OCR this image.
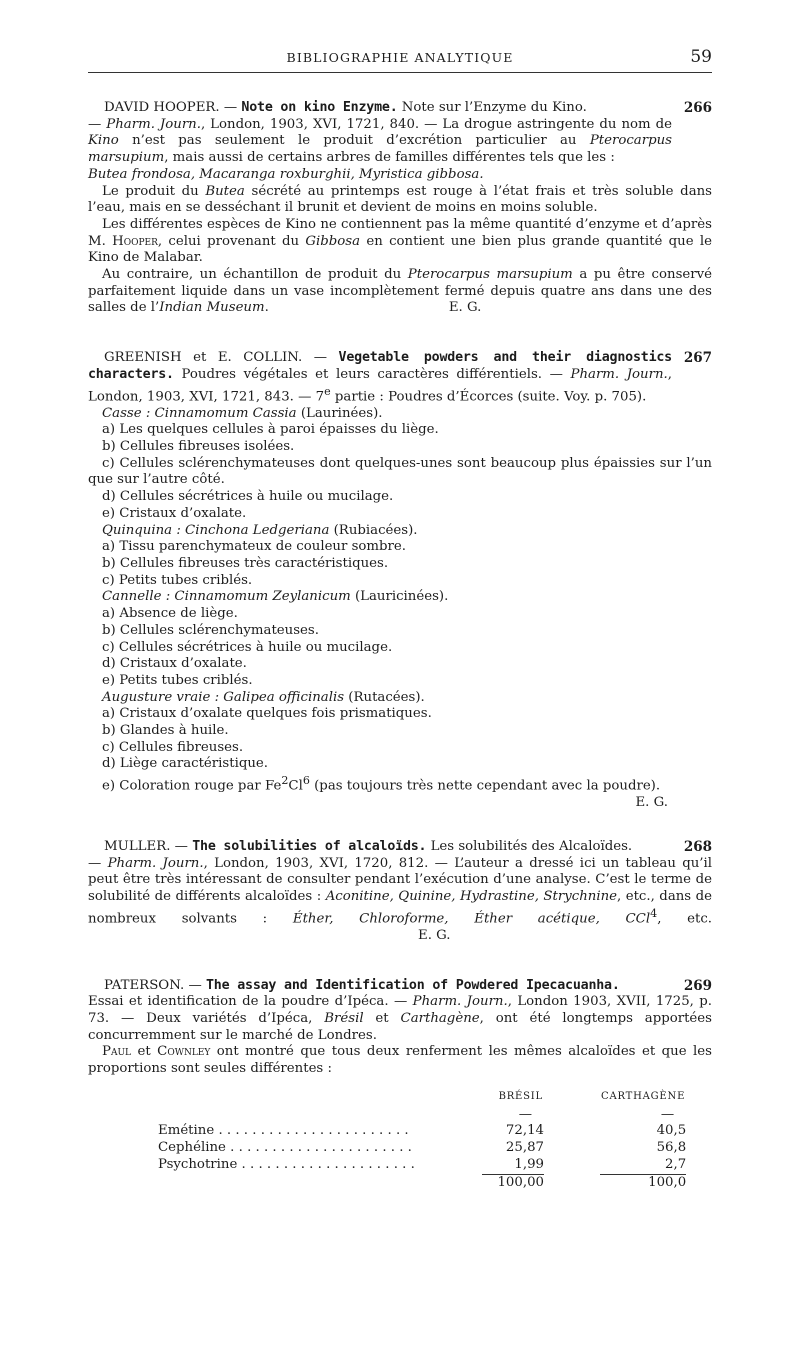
BIBLIOGRAPHIE ANALYTIQUE	59
266

DAVID HOOPER. — Note on kino Enzyme. Note sur l’Enzyme du Kino.
— Pharm. Journ., London, 1903, XVI, 1721, 840. — La drogue astringente du nom de Kino n’est pas seulement le produit d’excrétion particulier au Pterocarpus marsupium, mais aussi de certains arbres de familles différentes tels que les :
Butea frondosa, Macaranga roxburghii, Myristica gibbosa.

Le produit du Butea sécrété au printemps est rouge à l’état frais et très soluble dans l’eau, mais en se desséchant il brunit et devient de moins en moins soluble.

Les différentes espèces de Kino ne contiennent pas la même quantité d’enzyme et d’après M. Hooper, celui provenant du Gibbosa en contient une bien plus grande quantité que le Kino de Malabar.

Au contraire, un échantillon de produit du Pterocarpus marsupium a pu être conservé parfaitement liquide dans un vase incomplètement fermé depuis quatre ans dans une des salles de l’Indian Museum.	E. G.

267

GREENISH et E. COLLIN. — Vegetable powders and their diagnostics characters. Poudres végétales et leurs caractères différentiels. — Pharm. Journ., London, 1903, XVI, 1721, 843. — 7e partie : Poudres d’Écorces (suite. Voy. p. 705).

Casse : Cinnamomum Cassia (Laurinées).

a) Les quelques cellules à paroi épaisses du liège.

b) Cellules fibreuses isolées.

c) Cellules sclérenchymateuses dont quelques-unes sont beaucoup plus épaissies sur l’un que sur l’autre côté.

d) Cellules sécrétrices à huile ou mucilage.

e) Cristaux d’oxalate.

Quinquina : Cinchona Ledgeriana (Rubiacées).

a) Tissu parenchymateux de couleur sombre.

b) Cellules fibreuses très caractéristiques.

c) Petits tubes criblés.

Cannelle : Cinnamomum Zeylanicum (Lauricinées).

a) Absence de liège.

b) Cellules sclérenchymateuses.

c) Cellules sécrétrices à huile ou mucilage.

d) Cristaux d’oxalate.

e) Petits tubes criblés.

Augusture vraie : Galipea officinalis (Rutacées).

a) Cristaux d’oxalate quelques fois prismatiques.

b) Glandes à huile.

c) Cellules fibreuses.

d) Liège caractéristique.

e) Coloration rouge par Fe$^2$Cl$^6$ (pas toujours très nette cependant avec la poudre).

E. G.
268

MULLER. — The solubilities of alcaloïds. Les solubilités des Alcaloïdes.
— Pharm. Journ., London, 1903, XVI, 1720, 812. — L’auteur a dressé ici un tableau qu’il peut être très intéressant de consulter pendant l’exécution d’une analyse. C’est le terme de solubilité de différents alcaloïdes : Aconitine, Quinine, Hydrastine, Strychnine, etc., dans de nombreux solvants : Éther, Chloroforme, Éther acétique, CCl$^4$, etc.E. G.

269

PATERSON. — The assay and Identification of Powdered Ipecacuanha.
Essai et identification de la poudre d’Ipéca. — Pharm. Journ., London 1903, XVII, 1725, p. 73. — Deux variétés d’Ipéca, Brésil et Carthagène, ont été longtemps apportées concurremment sur le marché de Londres.

Paul et Cownley ont montré que tous deux renferment les mêmes alcaloïdes et que les proportions sont seules différentes :

	BRÉSIL		CARTHAGÈNE
	—		—
Emétine . . . . . . . . . . . . . . . . . . . . . . .	72,14		40,5
Cephéline . . . . . . . . . . . . . . . . . . . . . .	25,87		56,8
Psychotrine . . . . . . . . . . . . . . . . . . . . .	1,99		2,7
	100,00		100,0
